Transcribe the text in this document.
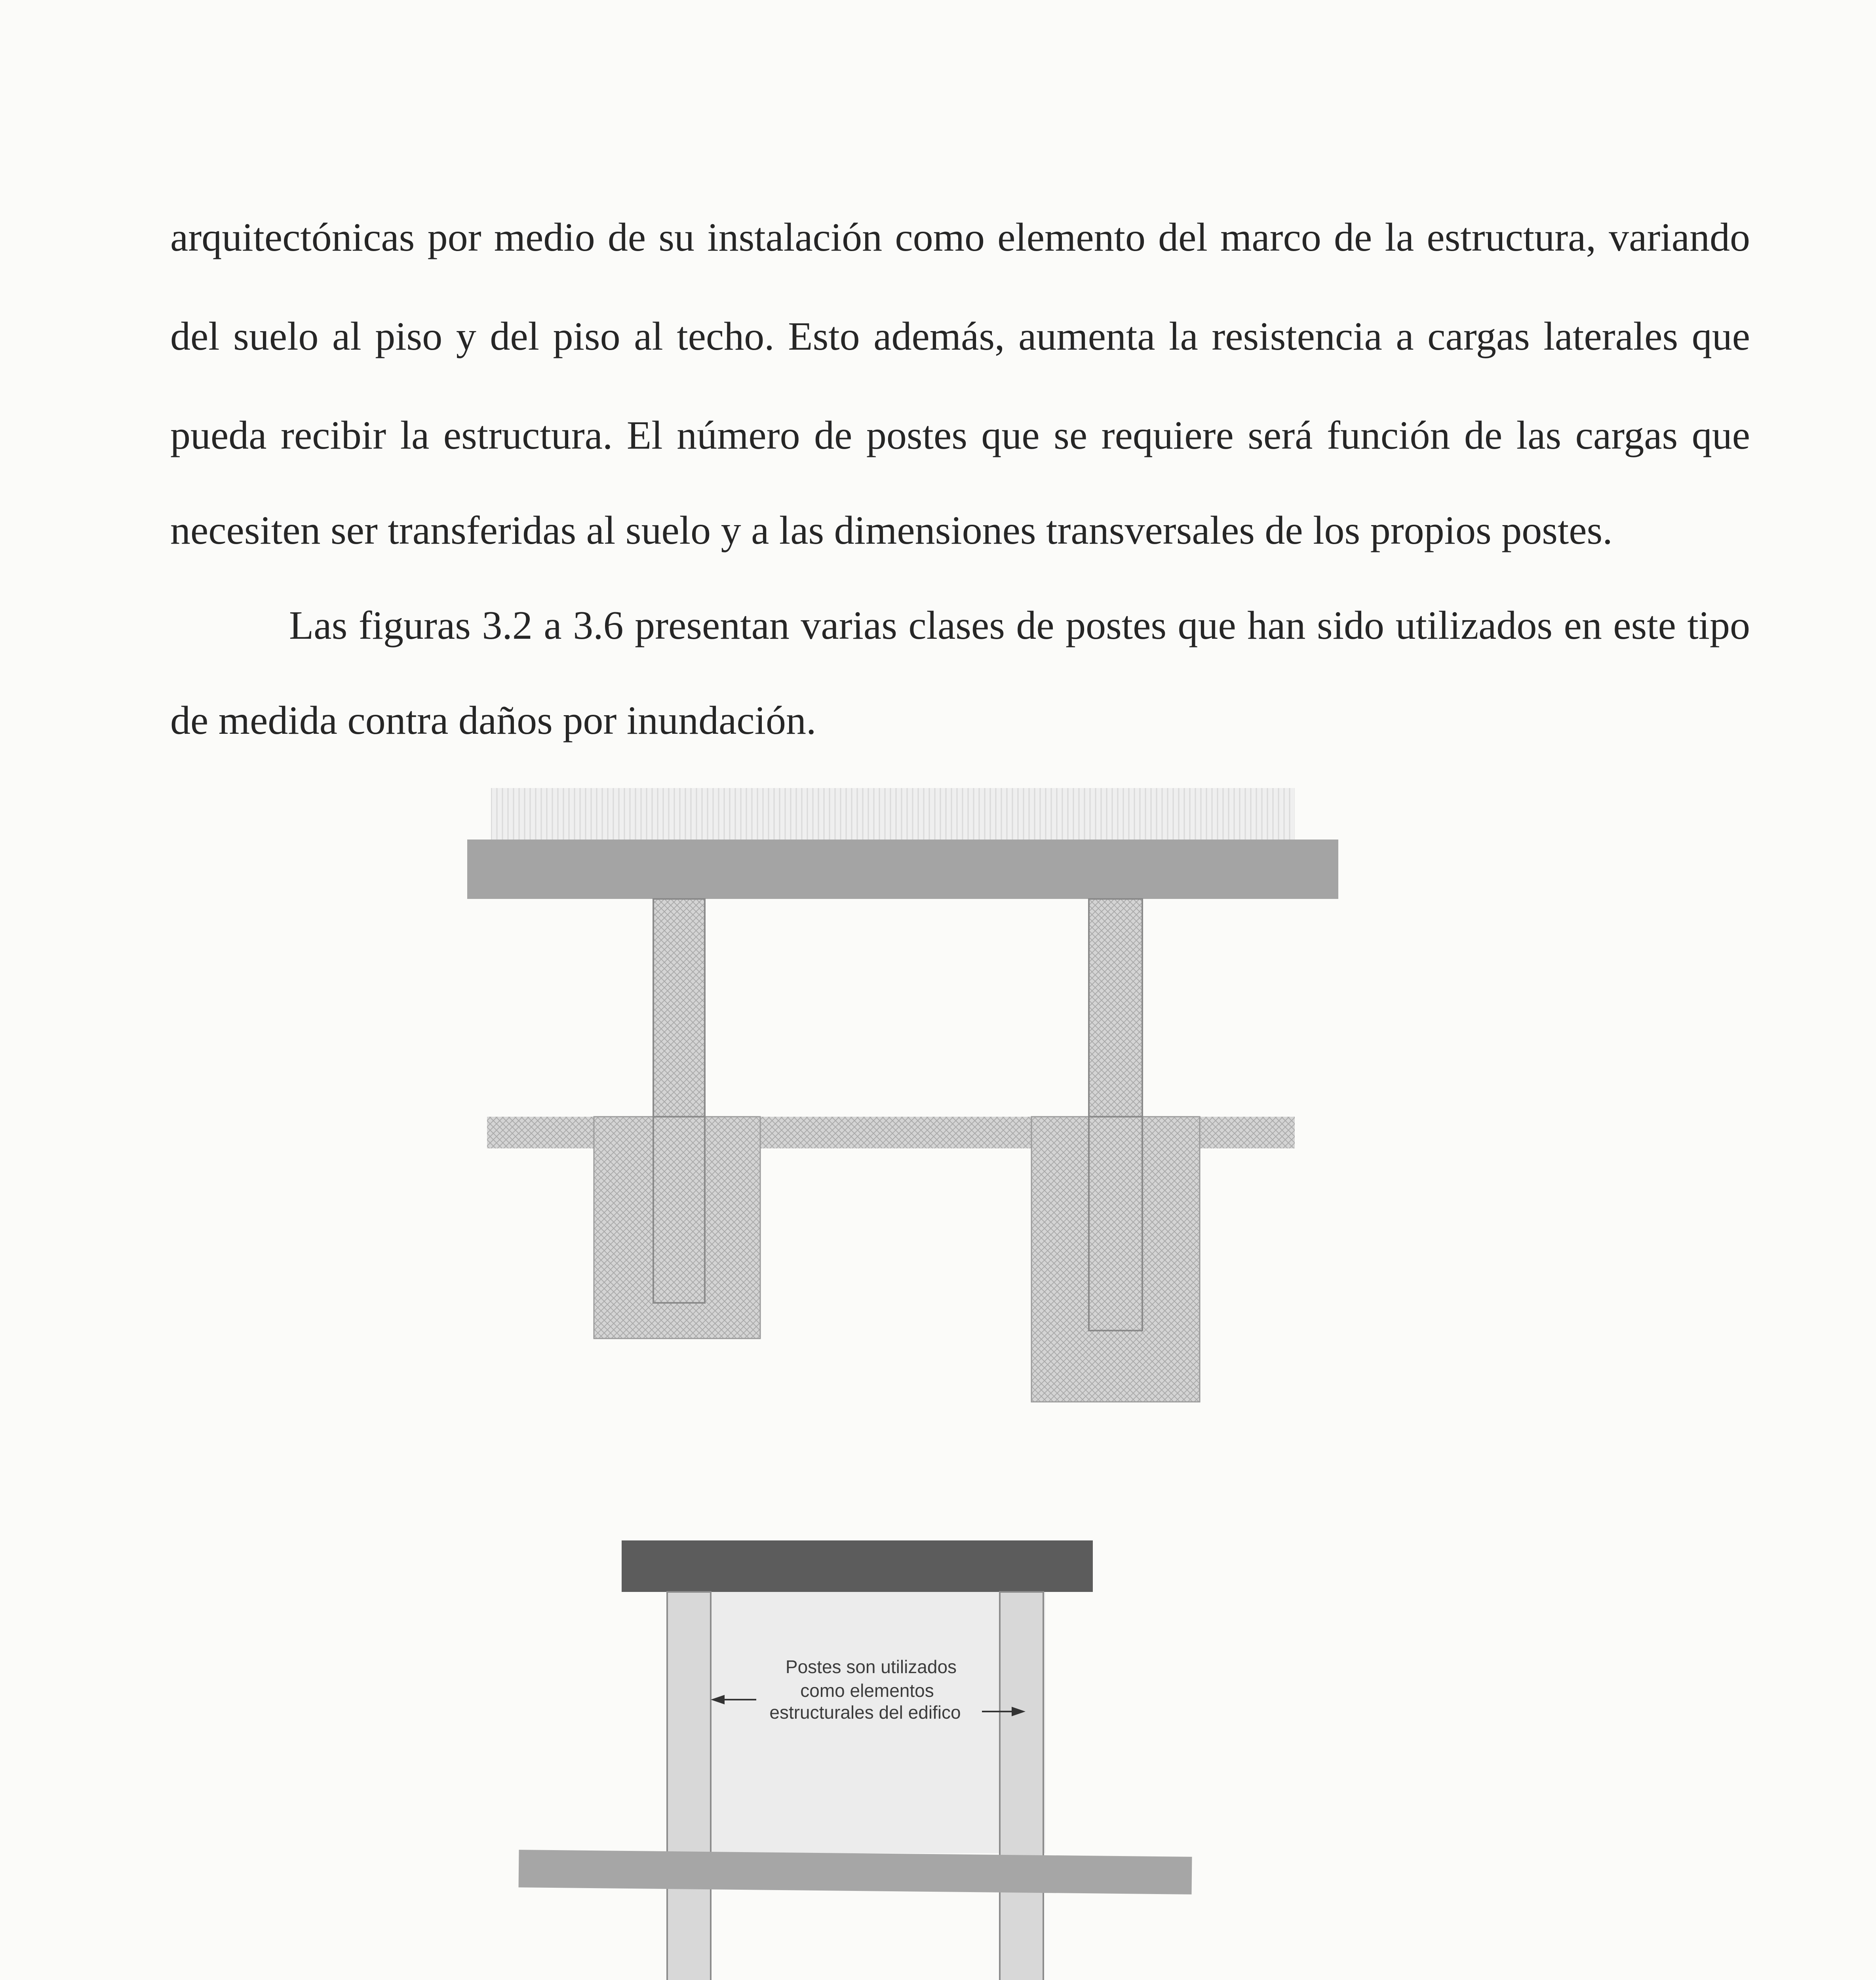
arquitectónicas por medio de su instalación como elemento del marco de la estructura, variando
del suelo al piso y del piso al techo. Esto además, aumenta la resistencia a cargas laterales que
pueda recibir la estructura. El número de postes que se requiere será función de las cargas que
necesiten ser transferidas al suelo y a las dimensiones transversales de los propios postes.
Las figuras 3.2 a 3.6 presentan varias clases de postes que han sido utilizados en este tipo
de medida contra daños por inundación.
Postes son utilizados
como elementos
estructurales del edifico
